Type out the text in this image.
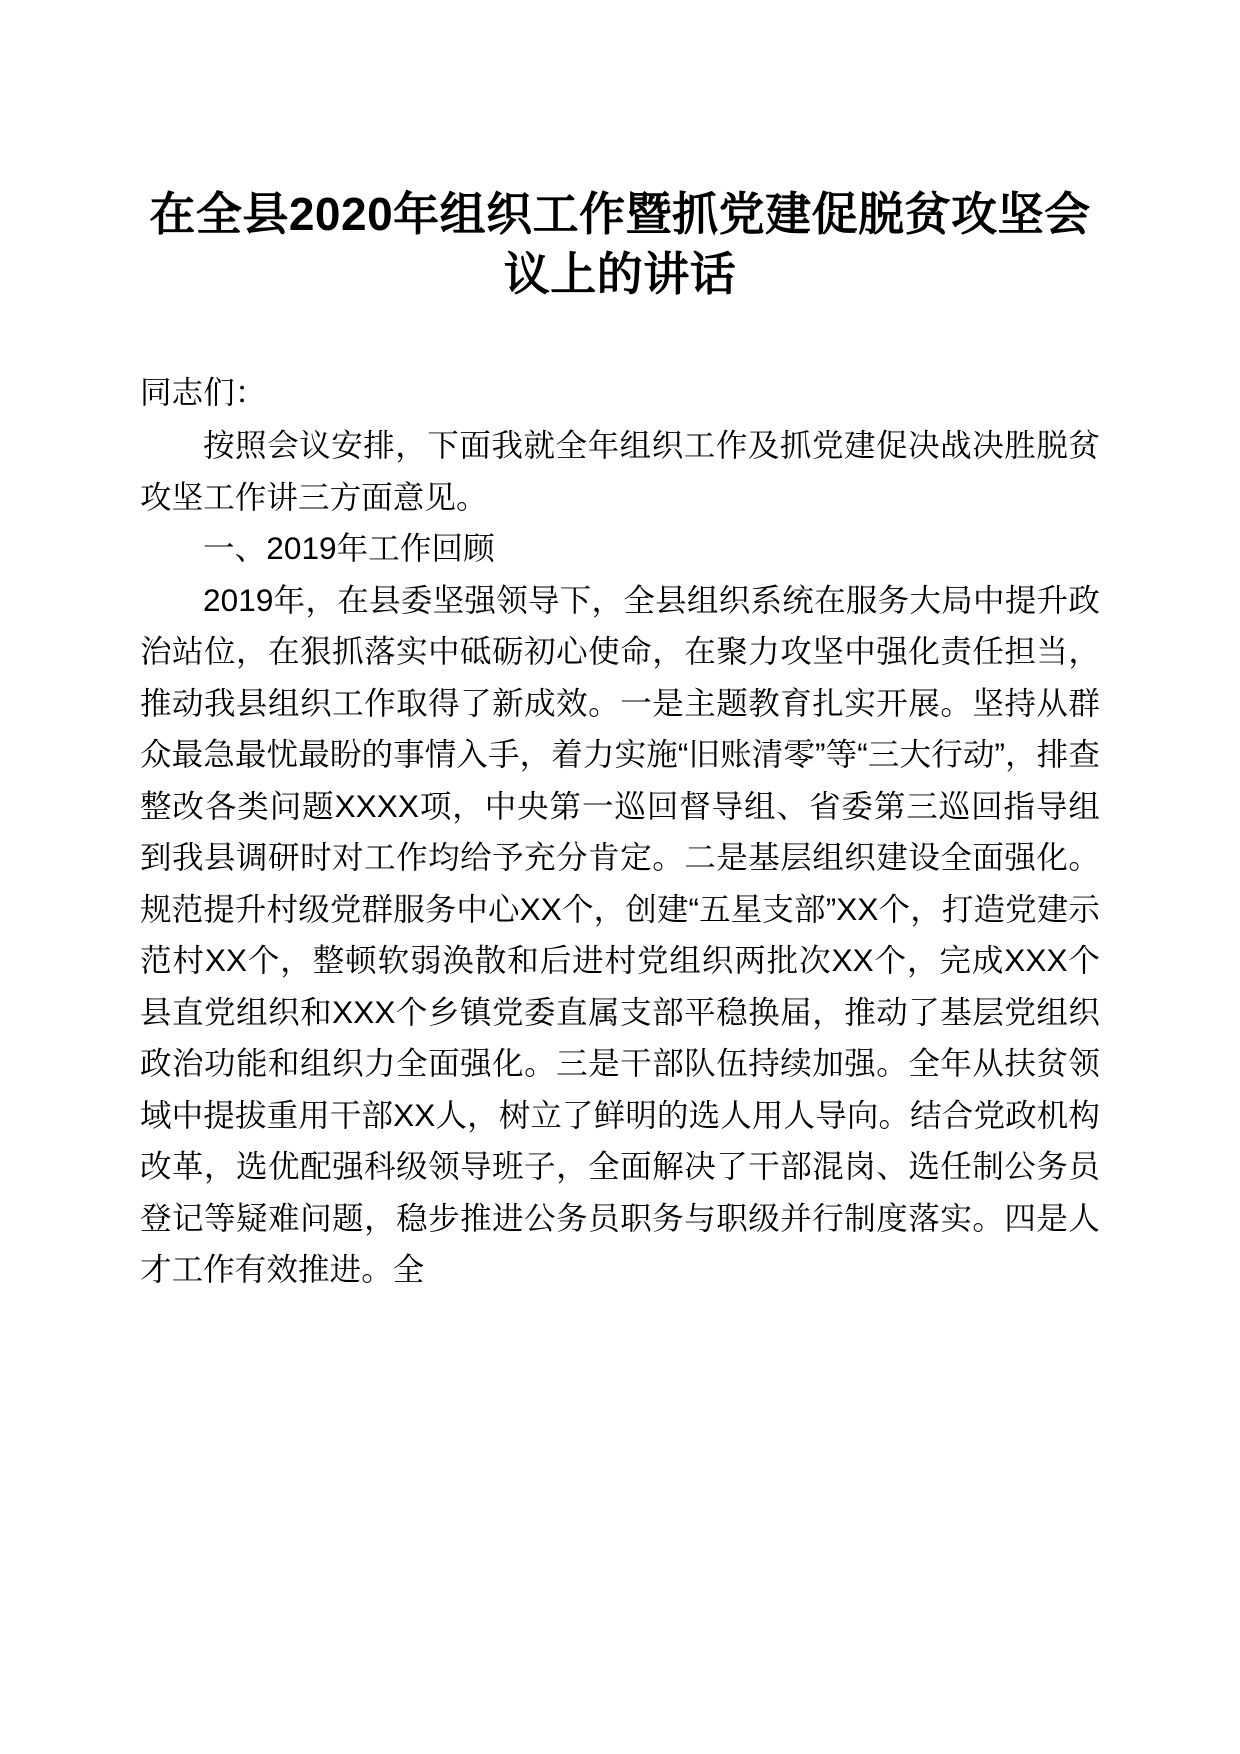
在全县2020年组织工作暨抓党建促脱贫攻坚会议上的讲话

同志们：

按照会议安排，下面我就全年组织工作及抓党建促决战决胜脱贫攻坚工作讲三方面意见。

一、2019年工作回顾

2019年，在县委坚强领导下，全县组织系统在服务大局中提升政治站位，在狠抓落实中砥砺初心使命，在聚力攻坚中强化责任担当，推动我县组织工作取得了新成效。一是主题教育扎实开展。坚持从群众最急最忧最盼的事情入手，着力实施“旧账清零”等“三大行动”，排查整改各类问题XXXX项，中央第一巡回督导组、省委第三巡回指导组到我县调研时对工作均给予充分肯定。二是基层组织建设全面强化。规范提升村级党群服务中心XX个，创建“五星支部”XX个，打造党建示范村XX个，整顿软弱涣散和后进村党组织两批次XX个，完成XXX个县直党组织和XXX个乡镇党委直属支部平稳换届，推动了基层党组织政治功能和组织力全面强化。三是干部队伍持续加强。全年从扶贫领域中提拔重用干部XX人，树立了鲜明的选人用人导向。结合党政机构改革，选优配强科级领导班子，全面解决了干部混岗、选任制公务员登记等疑难问题，稳步推进公务员职务与职级并行制度落实。四是人才工作有效推进。全
